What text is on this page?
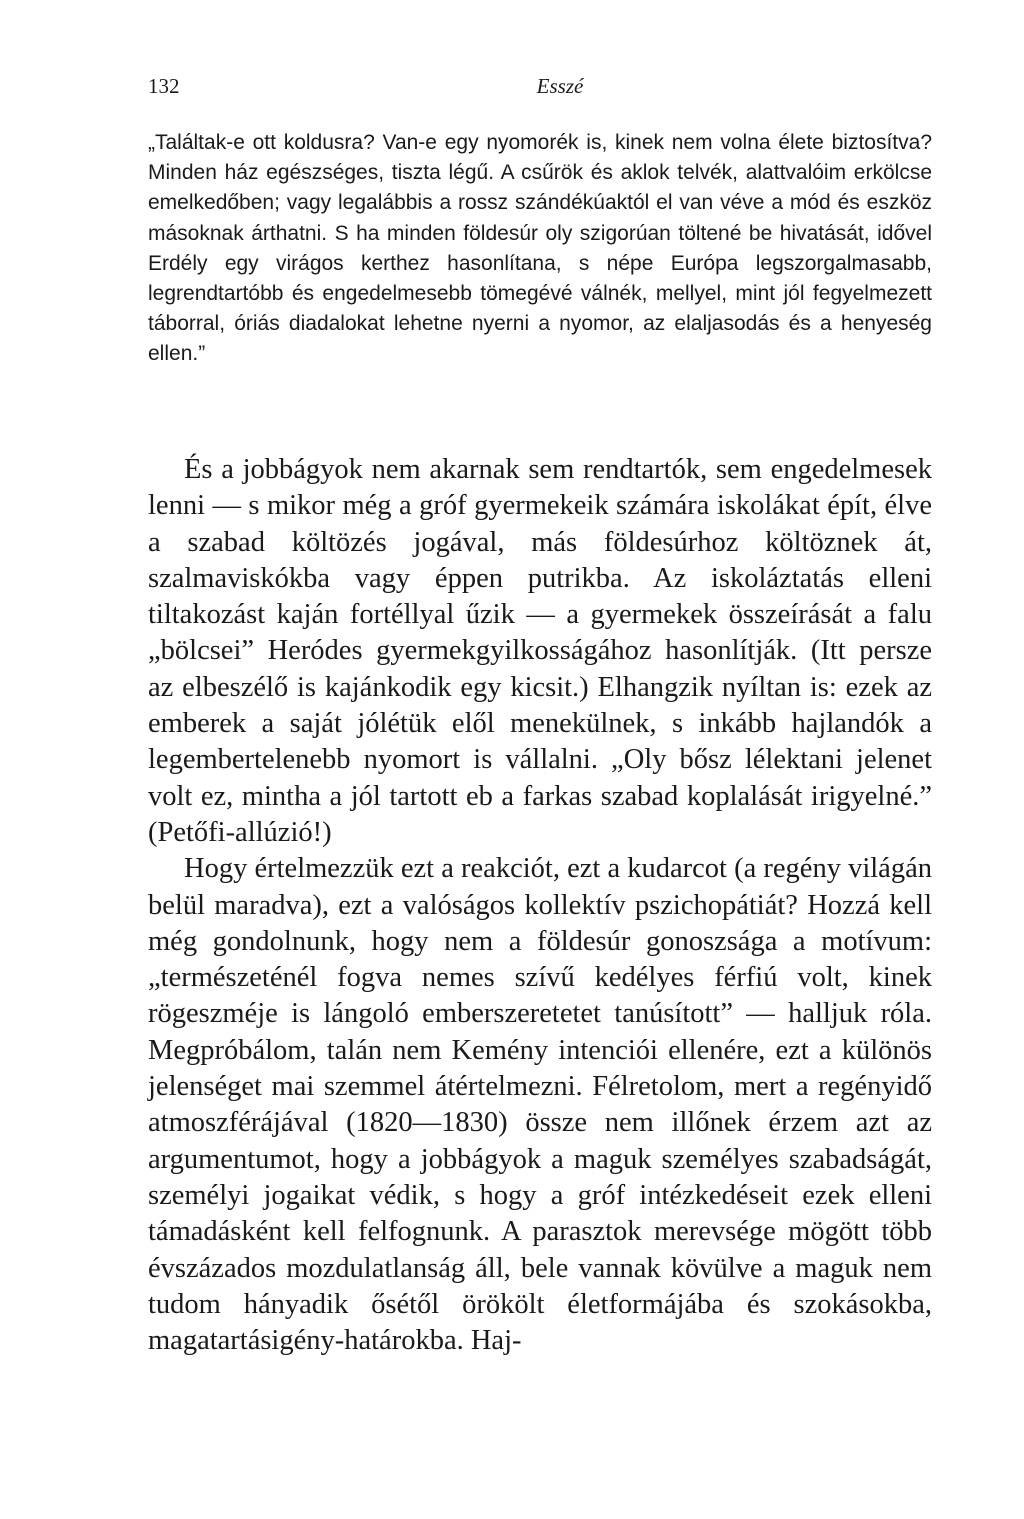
132	Esszé

„Találtak-e ott koldusra? Van-e egy nyomorék is, kinek nem volna élete biztosítva? Minden ház egészséges, tiszta légű. A csűrök és aklok telvék, alattvalóim erkölcse emelkedőben; vagy legalábbis a rossz szándékúaktól el van véve a mód és eszköz másoknak árthatni. S ha minden földesúr oly szigorúan töltené be hivatását, idővel Erdély egy virágos kerthez hasonlítana, s népe Európa legszorgalmasabb, legrendtartóbb és engedelmesebb tömegévé válnék, mellyel, mint jól fegyelmezett táborral, óriás diadalokat lehetne nyerni a nyomor, az elaljasodás és a henyeség ellen.”

És a jobbágyok nem akarnak sem rendtartók, sem engedelmesek lenni — s mikor még a gróf gyermekeik számára iskolákat épít, élve a szabad költözés jogával, más földesúrhoz költöznek át, szalmaviskókba vagy éppen putrikba. Az iskoláztatás elleni tiltakozást kaján fortéllyal űzik — a gyermekek összeírását a falu „bölcsei” Heródes gyermekgyilkosságához hasonlítják. (Itt persze az elbeszélő is kajánkodik egy kicsit.) Elhangzik nyíltan is: ezek az emberek a saját jólétük elől menekülnek, s inkább hajlandók a legembertelenebb nyomort is vállalni. „Oly bősz lélektani jelenet volt ez, mintha a jól tartott eb a farkas szabad koplalását irigyelné.” (Petőfi-allúzió!)

Hogy értelmezzük ezt a reakciót, ezt a kudarcot (a regény világán belül maradva), ezt a valóságos kollektív pszichopátiát? Hozzá kell még gondolnunk, hogy nem a földesúr gonoszsága a motívum: „természeténél fogva nemes szívű kedélyes férfiú volt, kinek rögeszméje is lángoló emberszeretetet tanúsított” — halljuk róla. Megpróbálom, talán nem Kemény intenciói ellenére, ezt a különös jelenséget mai szemmel átértelmezni. Félretolom, mert a regényidő atmoszférájával (1820—1830) össze nem illőnek érzem azt az argumentumot, hogy a jobbágyok a maguk személyes szabadságát, személyi jogaikat védik, s hogy a gróf intézkedéseit ezek elleni támadásként kell felfognunk. A parasztok merevsége mögött több évszázados mozdulatlanság áll, bele vannak kövülve a maguk nem tudom hányadik ősétől örökölt életformájába és szokásokba, magatartásigény-határokba. Haj-
